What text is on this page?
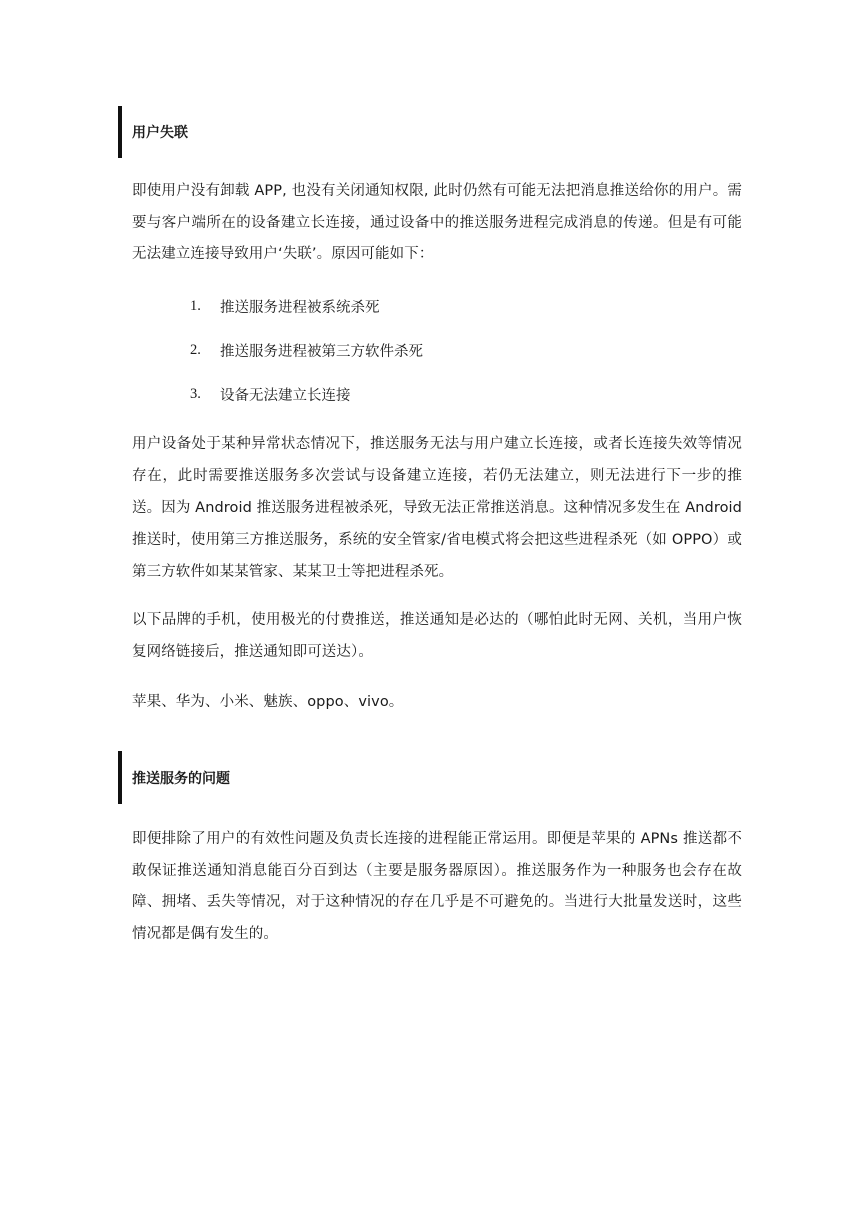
用户失联

即使用户没有卸载 APP, 也没有关闭通知权限, 此时仍然有可能无法把消息推送给你的用户。需要与客户端所在的设备建立长连接，通过设备中的推送服务进程完成消息的传递。但是有可能无法建立连接导致用户‘失联’。原因可能如下：

1.	推送服务进程被系统杀死
2.	推送服务进程被第三方软件杀死
3.	设备无法建立长连接

用户设备处于某种异常状态情况下，推送服务无法与用户建立长连接，或者长连接失效等情况存在，此时需要推送服务多次尝试与设备建立连接，若仍无法建立，则无法进行下一步的推送。因为 Android 推送服务进程被杀死，导致无法正常推送消息。这种情况多发生在 Android 推送时，使用第三方推送服务，系统的安全管家/省电模式将会把这些进程杀死（如 OPPO）或第三方软件如某某管家、某某卫士等把进程杀死。

以下品牌的手机，使用极光的付费推送，推送通知是必达的（哪怕此时无网、关机，当用户恢复网络链接后，推送通知即可送达）。

苹果、华为、小米、魅族、oppo、vivo。

推送服务的问题

即便排除了用户的有效性问题及负责长连接的进程能正常运用。即便是苹果的 APNs 推送都不敢保证推送通知消息能百分百到达（主要是服务器原因）。推送服务作为一种服务也会存在故障、拥堵、丢失等情况，对于这种情况的存在几乎是不可避免的。当进行大批量发送时，这些情况都是偶有发生的。
